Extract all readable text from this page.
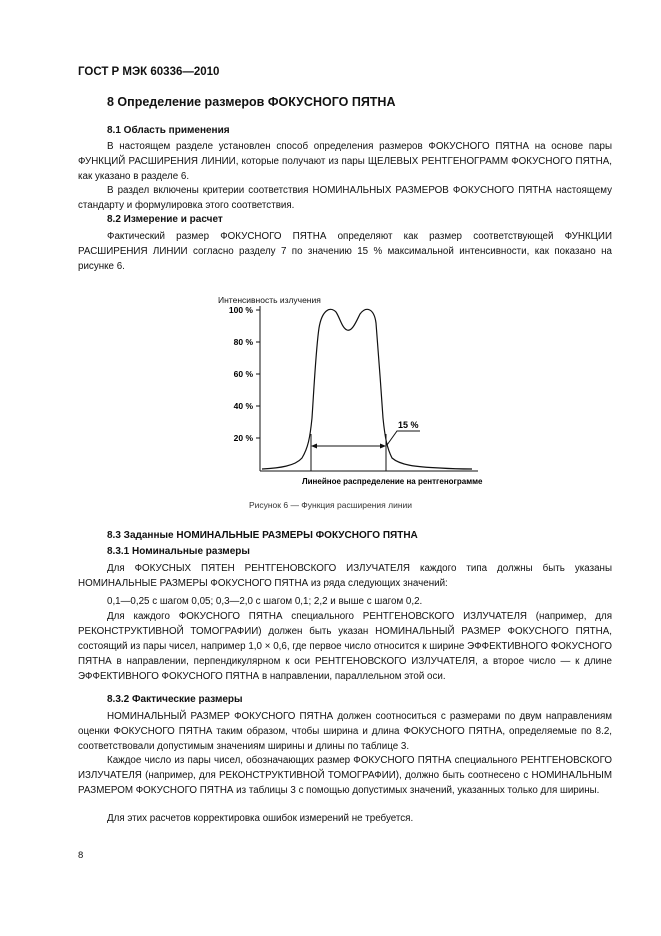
ГОСТ Р МЭК 60336—2010
8 Определение размеров ФОКУСНОГО ПЯТНА
8.1 Область применения
В настоящем разделе установлен способ определения размеров ФОКУСНОГО ПЯТНА на основе пары ФУНКЦИЙ РАСШИРЕНИЯ ЛИНИИ, которые получают из пары ЩЕЛЕВЫХ РЕНТГЕНОГРАММ ФОКУСНОГО ПЯТНА, как указано в разделе 6.
В раздел включены критерии соответствия НОМИНАЛЬНЫХ РАЗМЕРОВ ФОКУСНОГО ПЯТНА настоящему стандарту и формулировка этого соответствия.
8.2 Измерение и расчет
Фактический размер ФОКУСНОГО ПЯТНА определяют как размер соответствующей ФУНКЦИИ РАСШИРЕНИЯ ЛИНИИ согласно разделу 7 по значению 15 % максимальной интенсивности, как показано на рисунке 6.
Интенсивность излучения
100 %
80 %
60 %
40 %
20 %
15 %
Линейное распределение на рентгенограмме
Рисунок 6 — Функция расширения линии
8.3 Заданные НОМИНАЛЬНЫЕ РАЗМЕРЫ ФОКУСНОГО ПЯТНА
8.3.1 Номинальные размеры
Для ФОКУСНЫХ ПЯТЕН РЕНТГЕНОВСКОГО ИЗЛУЧАТЕЛЯ каждого типа должны быть указаны НОМИНАЛЬНЫЕ РАЗМЕРЫ ФОКУСНОГО ПЯТНА из ряда следующих значений:
0,1—0,25 с шагом 0,05; 0,3—2,0 с шагом 0,1; 2,2 и выше с шагом 0,2.
Для каждого ФОКУСНОГО ПЯТНА специального РЕНТГЕНОВСКОГО ИЗЛУЧАТЕЛЯ (например, для РЕКОНСТРУКТИВНОЙ ТОМОГРАФИИ) должен быть указан НОМИНАЛЬНЫЙ РАЗМЕР ФОКУСНОГО ПЯТНА, состоящий из пары чисел, например 1,0 × 0,6, где первое число относится к ширине ЭФФЕКТИВНОГО ФОКУСНОГО ПЯТНА в направлении, перпендикулярном к оси РЕНТГЕНОВСКОГО ИЗЛУЧАТЕЛЯ, а второе число — к длине ЭФФЕКТИВНОГО ФОКУСНОГО ПЯТНА в направлении, параллельном этой оси.
8.3.2 Фактические размеры
НОМИНАЛЬНЫЙ РАЗМЕР ФОКУСНОГО ПЯТНА должен соотноситься с размерами по двум направлениям оценки ФОКУСНОГО ПЯТНА таким образом, чтобы ширина и длина ФОКУСНОГО ПЯТНА, определяемые по 8.2, соответствовали допустимым значениям ширины и длины по таблице 3.
Каждое число из пары чисел, обозначающих размер ФОКУСНОГО ПЯТНА специального РЕНТГЕНОВСКОГО ИЗЛУЧАТЕЛЯ (например, для РЕКОНСТРУКТИВНОЙ ТОМОГРАФИИ), должно быть соотнесено с НОМИНАЛЬНЫМ РАЗМЕРОМ ФОКУСНОГО ПЯТНА из таблицы 3 с помощью допустимых значений, указанных только для ширины.
Для этих расчетов корректировка ошибок измерений не требуется.
8
